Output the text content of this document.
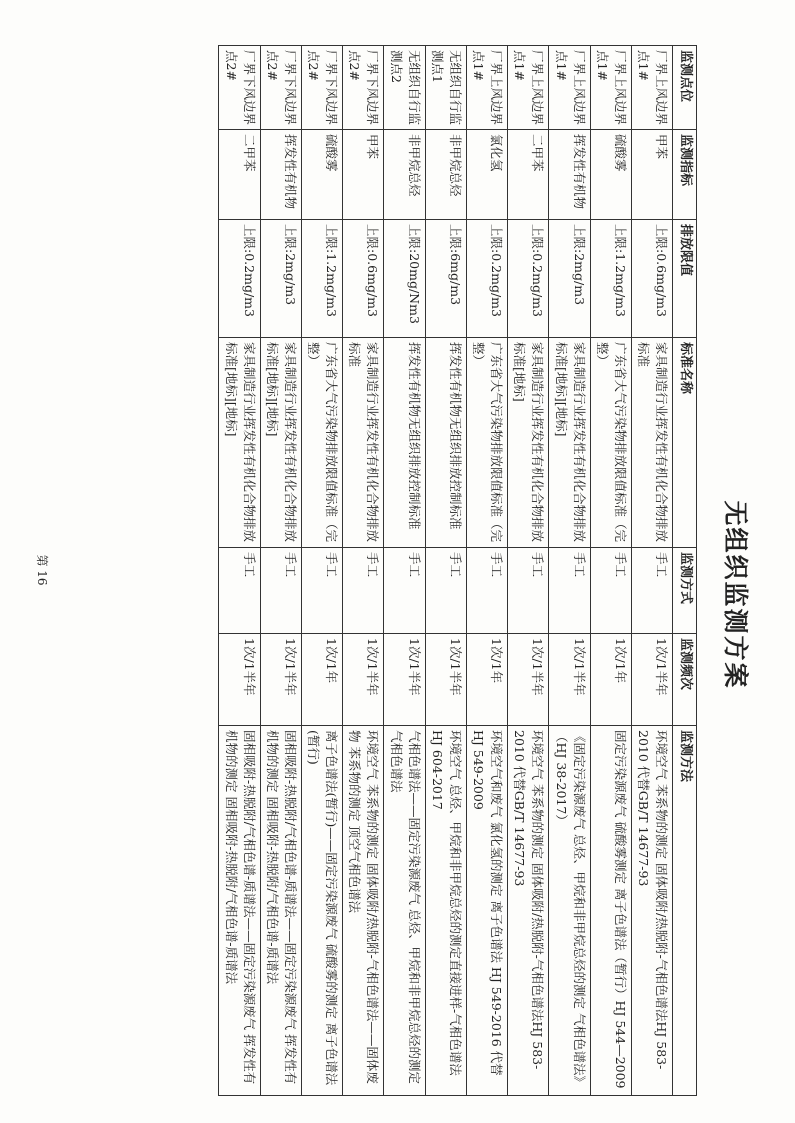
无组织监测方案
监测点位	监测指标	排放限值	标准名称	监测方式	监测频次	监测方法
厂界上风边界点1#	甲苯	上限:0.6mg/m3	家具制造行业挥发性有机化合物排放标准	手工	1次/1半年	环境空气 苯系物的测定 固体吸附/热脱附-气相色谱法HJ 583-2010 代替GB/T 14677-93
厂界上风边界点1#	硫酸雾	上限:1.2mg/m3	广东省大气污染物排放限值标准（完整）	手工	1次/1年	固定污染源废气 硫酸雾测定 离子色谱法（暂行）HJ 544—2009
厂界上风边界点1#	挥发性有机物	上限:2mg/m3	家具制造行业挥发性有机化合物排放标准[地标][地标]	手工	1次/1半年	《固定污染源废气 总烃、甲烷和非甲烷总烃的测定 气相色谱法》（HJ 38-2017）
厂界上风边界点1#	二甲苯	上限:0.2mg/m3	家具制造行业挥发性有机化合物排放标准[地标]	手工	1次/1半年	环境空气 苯系物的测定 固体吸附/热脱附-气相色谱法HJ 583-2010 代替GB/T 14677-93
厂界上风边界点1#	氯化氢	上限:0.2mg/m3	广东省大气污染物排放限值标准（完整）	手工	1次/1年	环境空气和废气 氯化氢的测定 离子色谱法 HJ 549-2016 代替HJ 549-2009
无组织自行监测点1	非甲烷总烃	上限:6mg/m3	挥发性有机物无组织排放控制标准	手工	1次/1半年	环境空气 总烃、甲烷和非甲烷总烃的测定直接进样-气相色谱法 HJ 604-2017
无组织自行监测点2	非甲烷总烃	上限:20mg/Nm3	挥发性有机物无组织排放控制标准	手工	1次/1半年	气相色谱法——固定污染源废气 总烃、甲烷和非甲烷总烃的测定 气相色谱法
厂界下风边界点2#	甲苯	上限:0.6mg/m3	家具制造行业挥发性有机化合物排放标准	手工	1次/1半年	环境空气 苯系物的测定 固体吸附/热脱附-气相色谱法——固体废物 苯系物的测定 顶空气相色谱法
厂界下风边界点2#	硫酸雾	上限:1.2mg/m3	广东省大气污染物排放限值标准（完整）	手工	1次/1年	离子色谱法(暂行)——固定污染源废气 硫酸雾的测定 离子色谱法(暂行)
厂界下风边界点2#	挥发性有机物	上限:2mg/m3	家具制造行业挥发性有机化合物排放标准[地标][地标]	手工	1次/1半年	固相吸附-热脱附/气相色谱-质谱法——固定污染源废气 挥发性有机物的测定 固相吸附-热脱附/气相色谱-质谱法
厂界下风边界点2#	二甲苯	上限:0.2mg/m3	家具制造行业挥发性有机化合物排放标准[地标][地标]	手工	1次/1半年	固相吸附-热脱附/气相色谱-质谱法——固定污染源废气 挥发性有机物的测定 固相吸附-热脱附/气相色谱-质谱法
第 16
